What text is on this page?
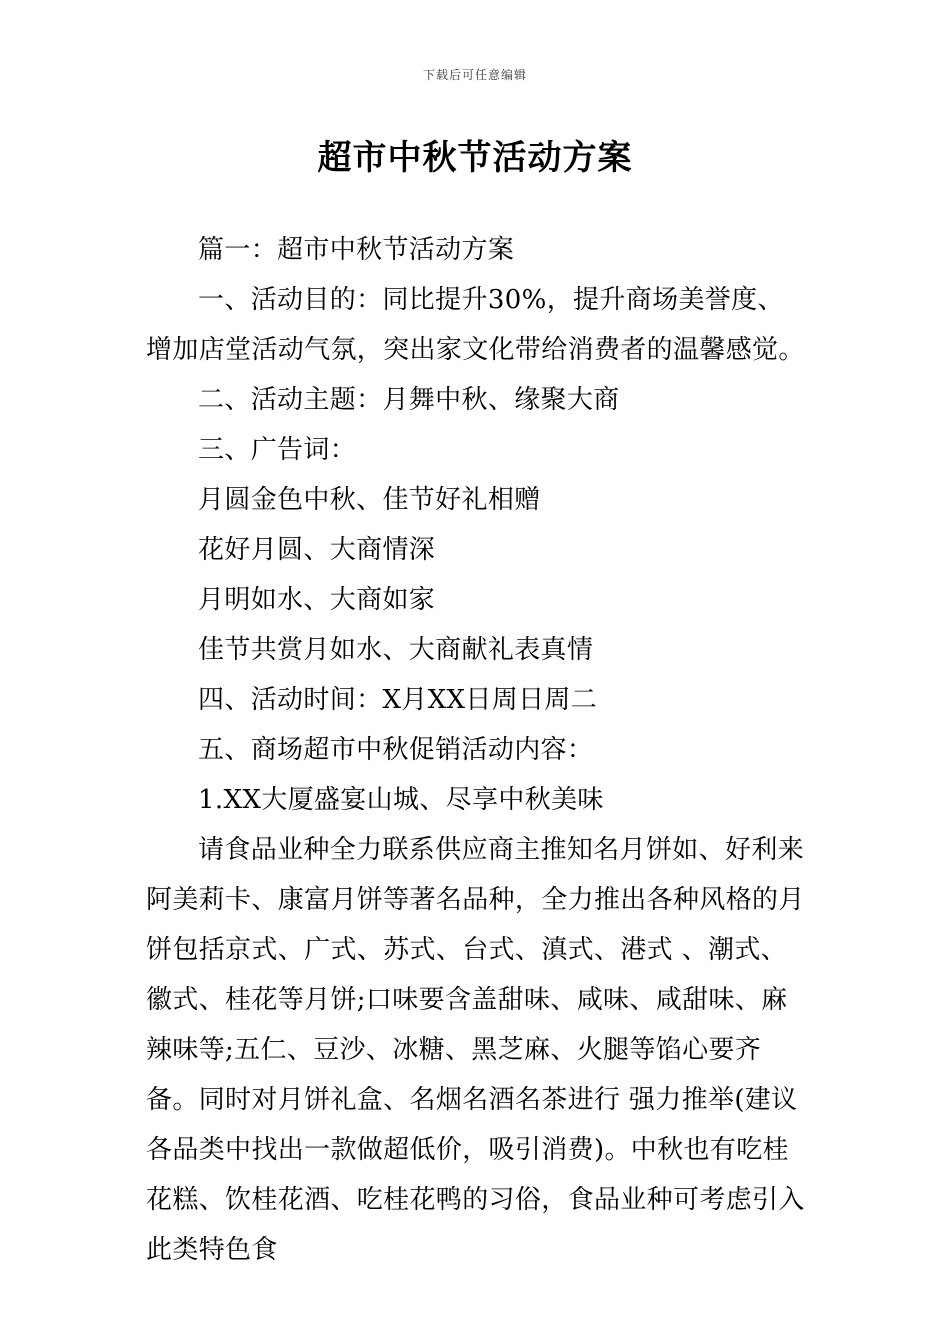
下载后可任意编辑
超市中秋节活动方案

篇一：超市中秋节活动方案

一、活动目的：同比提升30%，提升商场美誉度、增加店堂活动气氛，突出家文化带给消费者的温馨感觉。

二、活动主题：月舞中秋、缘聚大商

三、广告词：

月圆金色中秋、佳节好礼相赠

花好月圆、大商情深

月明如水、大商如家

佳节共赏月如水、大商献礼表真情

四、活动时间：X月XX日周日周二

五、商场超市中秋促销活动内容：

1.XX大厦盛宴山城、尽享中秋美味

请食品业种全力联系供应商主推知名月饼如、好利来阿美莉卡、康富月饼等著名品种，全力推出各种风格的月饼包括京式、广式、苏式、台式、滇式、港式 、潮式、徽式、桂花等月饼;口味要含盖甜味、咸味、咸甜味、麻辣味等;五仁、豆沙、冰糖、黑芝麻、火腿等馅心要齐备。同时对月饼礼盒、名烟名酒名茶进行 强力推举(建议各品类中找出一款做超低价，吸引消费)。中秋也有吃桂花糕、饮桂花酒、吃桂花鸭的习俗，食品业种可考虑引入此类特色食
